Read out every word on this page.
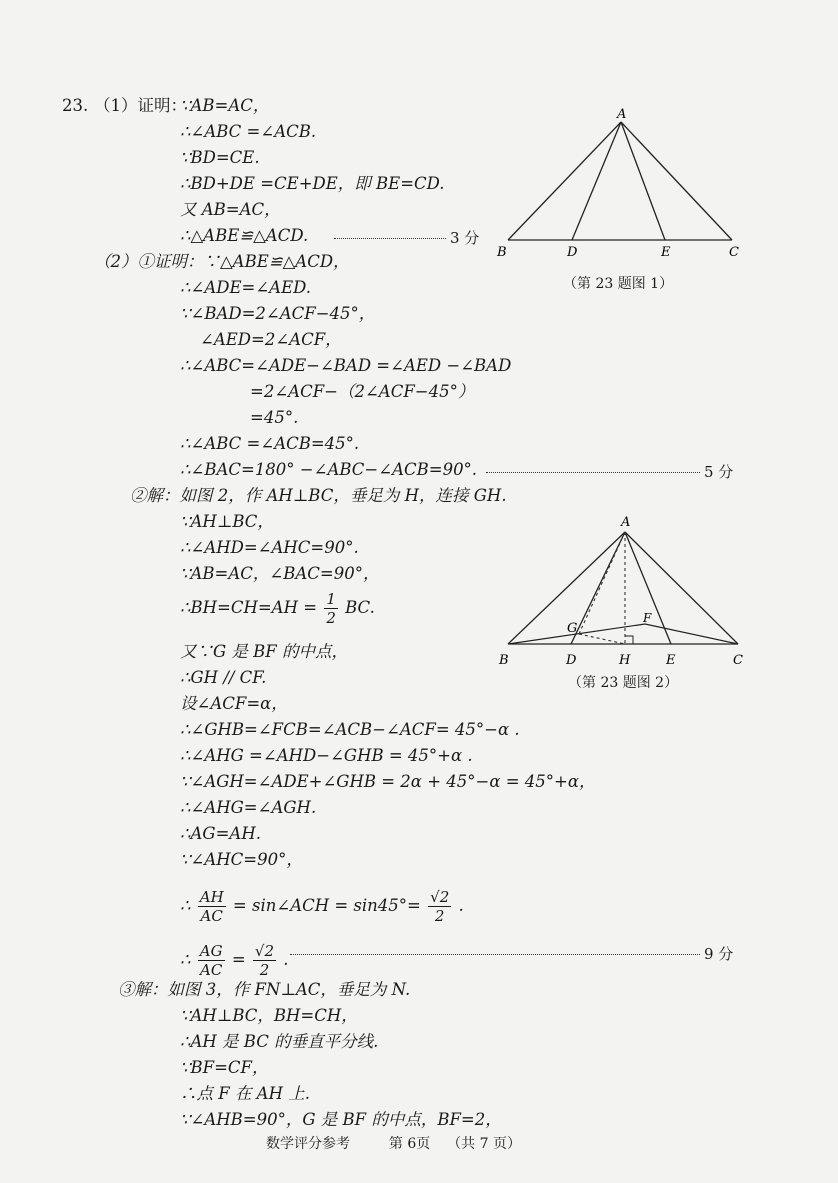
23. （1）证明：
∵AB=AC，
∴∠ABC =∠ACB.
∵BD=CE.
∴BD+DE =CE+DE，即 BE=CD.
又 AB=AC，
∴△ABE≌△ACD.	3 分
A
B	D	E	C
（第 23 题图 1）
（2）①证明：∵△ABE≌△ACD，
∴∠ADE=∠AED.
∵∠BAD=2∠ACF−45°，
∠AED=2∠ACF，
∴∠ABC=∠ADE−∠BAD =∠AED −∠BAD
=2∠ACF−（2∠ACF−45°）
=45°.
∴∠ABC =∠ACB=45°.
∴∠BAC=180° −∠ABC−∠ACB=90°.	5 分
②解：如图 2，作 AH⊥BC，垂足为 H，连接 GH.
∵AH⊥BC，
∴∠AHD=∠AHC=90°.
∵AB=AC，∠BAC=90°，
∴BH=CH=AH = $\frac{1}{2}$ BC.
又∵G 是 BF 的中点，
∴GH // CF.
设∠ACF=α，
∴∠GHB=∠FCB=∠ACB−∠ACF= 45°−α .
∴∠AHG =∠AHD−∠GHB = 45°+α .
∵∠AGH=∠ADE+∠GHB = 2α + 45°−α = 45°+α，
∴∠AHG=∠AGH.
∴AG=AH.
∵∠AHC=90°，
∴ $\frac{AH}{AC}$ = sin∠ACH = $\sin 45^\circ= \frac{√2}{2}$ .
∴ $\frac{AG}{AC} = \frac{√2}{2}$ .	9 分
A
F
G
B	D	H	E	C
（第 23 题图 2）
③解：如图 3，作 FN⊥AC，垂足为 N.
∵AH⊥BC，BH=CH，
∴AH 是 BC 的垂直平分线.
∵BF=CF，
∴点 F 在 AH 上.
∵∠AHB=90°，G 是 BF 的中点，BF=2，
数学评分参考	第 6页 （共 7 页）
